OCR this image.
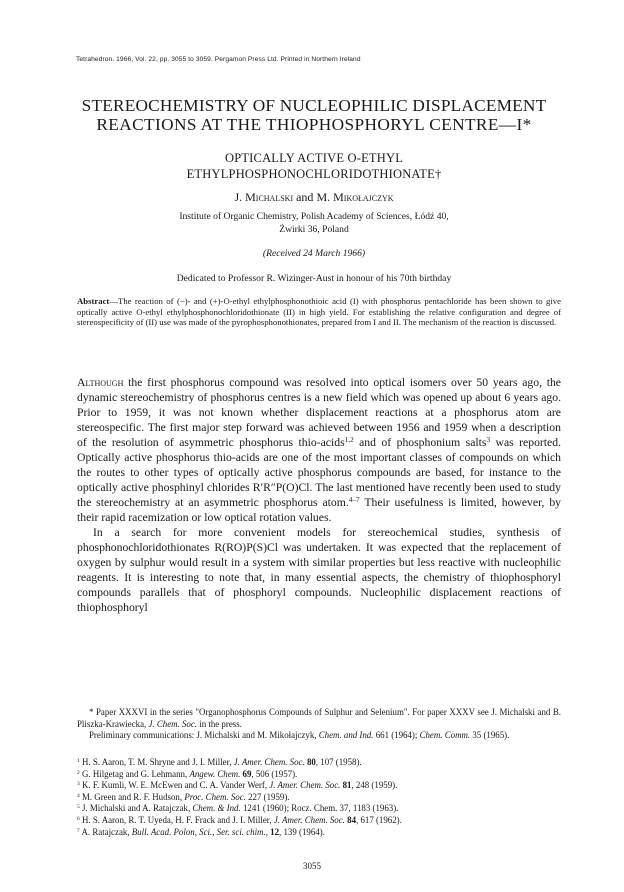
Tetrahedron. 1966, Vol. 22, pp. 3055 to 3059. Pergamon Press Ltd. Printed in Northern Ireland
STEREOCHEMISTRY OF NUCLEOPHILIC DISPLACEMENT
REACTIONS AT THE THIOPHOSPHORYL CENTRE—I*
OPTICALLY ACTIVE O-ETHYL
ETHYLPHOSPHONOCHLORIDOTHIONATE†
J. Michalski and M. Mikołajczyk
Institute of Organic Chemistry, Polish Academy of Sciences, Łódź 40,
Żwirki 36, Poland
(Received 24 March 1966)
Dedicated to Professor R. Wizinger-Aust in honour of his 70th birthday
Abstract—The reaction of (−)- and (+)-O-ethyl ethylphosphonothioic acid (I) with phosphorus pentachloride has been shown to give optically active O-ethyl ethylphosphonochloridothionate (II) in high yield. For establishing the relative configuration and degree of stereospecificity of (II) use was made of the pyrophosphonothionates, prepared from I and II. The mechanism of the reaction is discussed.

Although the first phosphorus compound was resolved into optical isomers over 50 years ago, the dynamic stereochemistry of phosphorus centres is a new field which was opened up about 6 years ago. Prior to 1959, it was not known whether displacement reactions at a phosphorus atom are stereospecific. The first major step forward was achieved between 1956 and 1959 when a description of the resolution of asymmetric phosphorus thio-acids$^{1,2}$ and of phosphonium salts$^3$ was reported. Optically active phosphorus thio-acids are one of the most important classes of compounds on which the routes to other types of optically active phosphorus compounds are based, for instance to the optically active phosphinyl chlorides R′R″P(O)Cl. The last mentioned have recently been used to study the stereochemistry at an asymmetric phosphorus atom.$^{4-7}$ Their usefulness is limited, however, by their rapid racemization or low optical rotation values.

In a search for more convenient models for stereochemical studies, synthesis of phosphonochloridothionates R(RO)P(S)Cl was undertaken. It was expected that the replacement of oxygen by sulphur would result in a system with similar properties but less reactive with nucleophilic reagents. It is interesting to note that, in many essential aspects, the chemistry of thiophosphoryl compounds parallels that of phosphoryl compounds. Nucleophilic displacement reactions of thiophosphoryl

* Paper XXXVI in the series "Organophosphorus Compounds of Sulphur and Selenium". For paper XXXV see J. Michalski and B. Pliszka-Krawiecka, J. Chem. Soc. in the press.

Preliminary communications: J. Michalski and M. Mikołajczyk, Chem. and Ind. 661 (1964); Chem. Comm. 35 (1965).

$^1$ H. S. Aaron, T. M. Shryne and J. I. Miller, J. Amer. Chem. Soc. 80, 107 (1958).
$^2$ G. Hilgetag and G. Lehmann, Angew. Chem. 69, 506 (1957).
$^3$ K. F. Kumli, W. E. McEwen and C. A. Vander Werf, J. Amer. Chem. Soc. 81, 248 (1959).
$^4$ M. Green and R. F. Hudson, Proc. Chem. Soc. 227 (1959).
$^5$ J. Michalski and A. Ratajczak, Chem. & Ind. 1241 (1960); Rocz. Chem. 37, 1183 (1963).
$^6$ H. S. Aaron, R. T. Uyeda, H. F. Frack and J. I. Miller, J. Amer. Chem. Soc. 84, 617 (1962).
$^7$ A. Ratajczak, Bull. Acad. Polon, Sci., Ser. sci. chim., 12, 139 (1964).
3055
